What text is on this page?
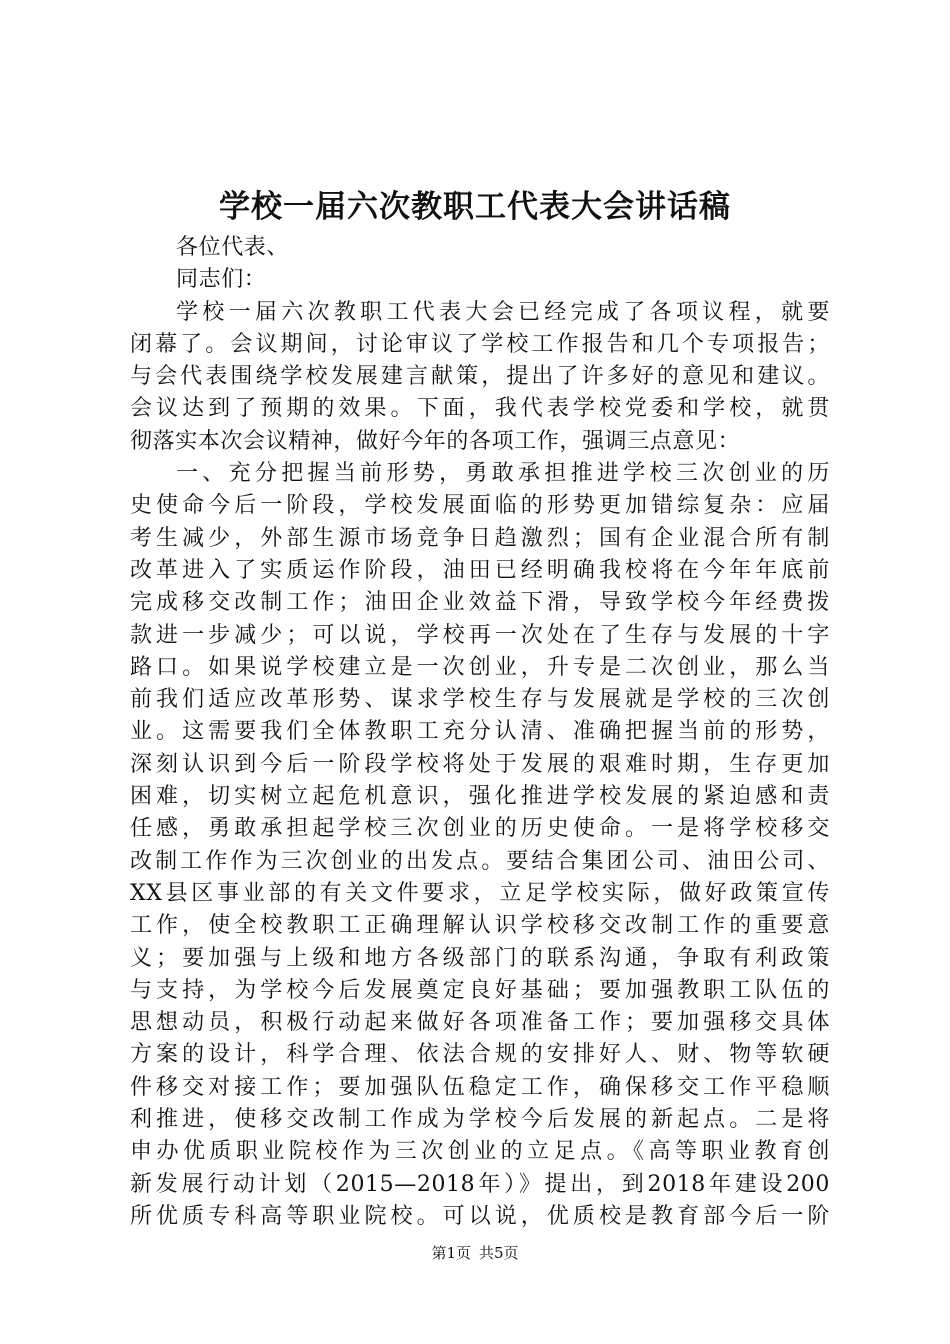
学校一届六次教职工代表大会讲话稿
各位代表、
同志们：
学校一届六次教职工代表大会已经完成了各项议程，就要
闭幕了。会议期间，讨论审议了学校工作报告和几个专项报告；
与会代表围绕学校发展建言献策，提出了许多好的意见和建议。
会议达到了预期的效果。下面，我代表学校党委和学校，就贯
彻落实本次会议精神，做好今年的各项工作，强调三点意见：
一、充分把握当前形势，勇敢承担推进学校三次创业的历
史使命今后一阶段，学校发展面临的形势更加错综复杂：应届
考生减少，外部生源市场竞争日趋激烈；国有企业混合所有制
改革进入了实质运作阶段，油田已经明确我校将在今年年底前
完成移交改制工作；油田企业效益下滑，导致学校今年经费拨
款进一步减少；可以说，学校再一次处在了生存与发展的十字
路口。如果说学校建立是一次创业，升专是二次创业，那么当
前我们适应改革形势、谋求学校生存与发展就是学校的三次创
业。这需要我们全体教职工充分认清、准确把握当前的形势，
深刻认识到今后一阶段学校将处于发展的艰难时期，生存更加
困难，切实树立起危机意识，强化推进学校发展的紧迫感和责
任感，勇敢承担起学校三次创业的历史使命。一是将学校移交
改制工作作为三次创业的出发点。要结合集团公司、油田公司、
XX县区事业部的有关文件要求，立足学校实际，做好政策宣传
工作，使全校教职工正确理解认识学校移交改制工作的重要意
义；要加强与上级和地方各级部门的联系沟通，争取有利政策
与支持，为学校今后发展奠定良好基础；要加强教职工队伍的
思想动员，积极行动起来做好各项准备工作；要加强移交具体
方案的设计，科学合理、依法合规的安排好人、财、物等软硬
件移交对接工作；要加强队伍稳定工作，确保移交工作平稳顺
利推进，使移交改制工作成为学校今后发展的新起点。二是将
申办优质职业院校作为三次创业的立足点。《高等职业教育创
新发展行动计划（2015—2018年）》提出，到2018年建设200
所优质专科高等职业院校。可以说，优质校是教育部今后一阶
第1页 共5页
